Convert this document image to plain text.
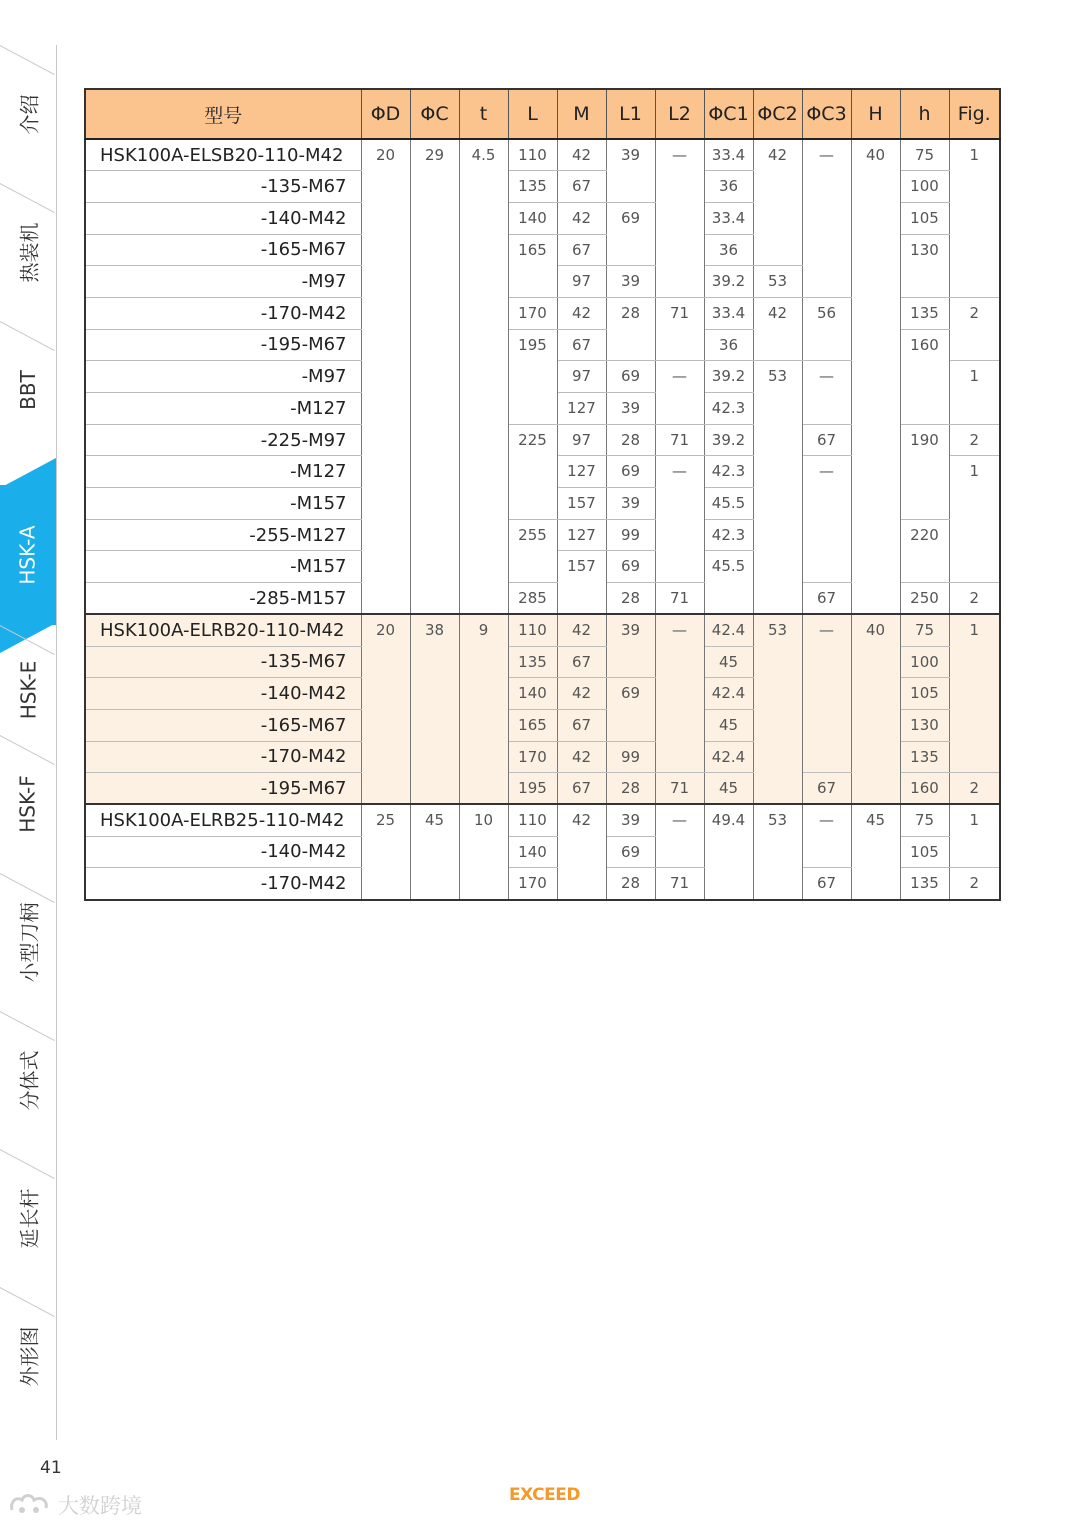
介绍
热装机
BBT
HSK-A
HSK-E
HSK-F
小型刀柄
分体式
延长杆
外形图
型号	ΦD	ΦC	t	L	M	L1	L2	ΦC1	ΦC2	ΦC3	H	h	Fig.
HSK100A-ELSB20-110-M42	20	29	4.5	110	42	39	—	33.4	42	—	40	75	1
-135-M67				135	67			36				100	
-140-M42				140	42	69		33.4				105	
-165-M67				165	67			36				130	
-M97					97	39		39.2	53				
-170-M42				170	42	28	71	33.4	42	56		135	2
-195-M67				195	67			36				160	
-M97					97	69	—	39.2	53	—			1
-M127					127	39		42.3					
-225-M97				225	97	28	71	39.2		67		190	2
-M127					127	69	—	42.3		—			1
-M157					157	39		45.5					
-255-M127				255	127	99		42.3				220	
-M157					157	69		45.5					
-285-M157				285		28	71			67		250	2
HSK100A-ELRB20-110-M42	20	38	9	110	42	39	—	42.4	53	—	40	75	1
-135-M67				135	67			45				100	
-140-M42				140	42	69		42.4				105	
-165-M67				165	67			45				130	
-170-M42				170	42	99		42.4				135	
-195-M67				195	67	28	71	45		67		160	2
HSK100A-ELRB25-110-M42	25	45	10	110	42	39	—	49.4	53	—	45	75	1
-140-M42				140		69						105	
-170-M42				170		28	71			67		135	2
41
大数跨境	EXCEED
